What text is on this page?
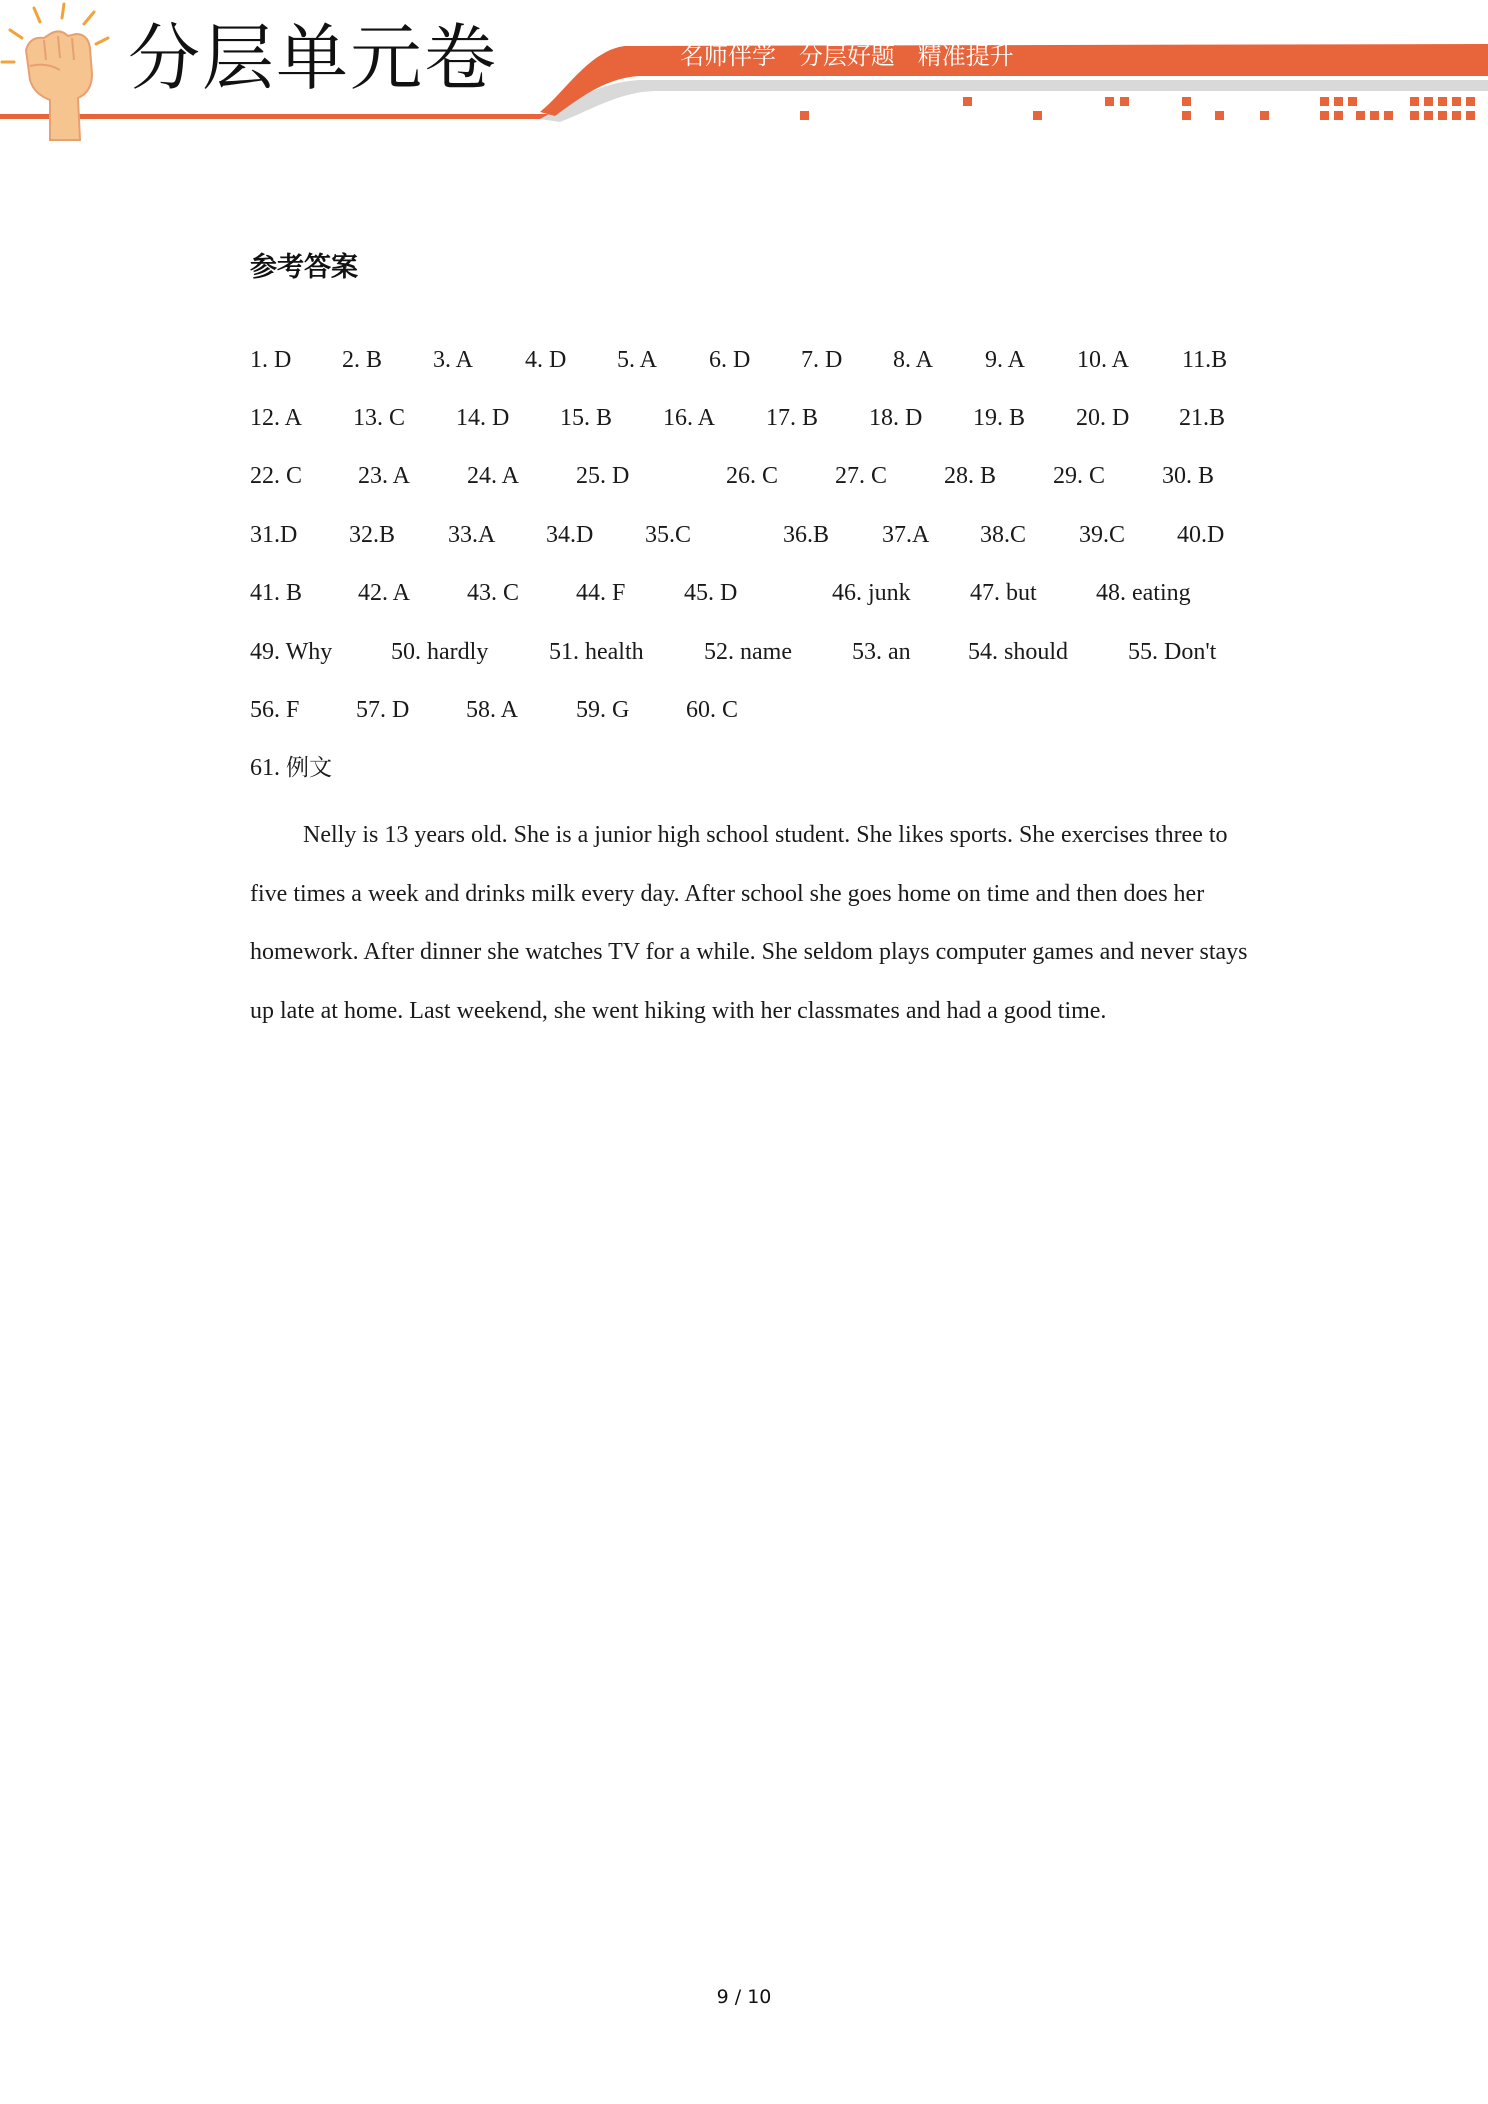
分层单元卷	名师伴学   分层好题   精准提升
参考答案
1. D 2. B 3. A 4. D 5. A 6. D 7. D 8. A 9. A 10. A 11.B
12. A 13. C 14. D 15. B 16. A 17. B 18. D 19. B 20. D 21.B
22. C 23. A 24. A 25. D	26. C 27. C 28. B 29. C 30. B
31.D 32.B 33.A 34.D 35.C	36.B 37.A 38.C 39.C 40.D
41. B 42. A 43. C 44. F 45. D	46. junk 47. but 48. eating
49. Why 50. hardly	51. health	52. name	53. an 54. should 55. Don't
56. F 57. D 58. A 59. G 60. C
61. 例文

Nelly is 13 years old. She is a junior high school student. She likes sports. She exercises three to five times a week and drinks milk every day. After school she goes home on time and then does her homework. After dinner she watches TV for a while. She seldom plays computer games and never stays up late at home. Last weekend, she went hiking with her classmates and had a good time.

9 / 10
